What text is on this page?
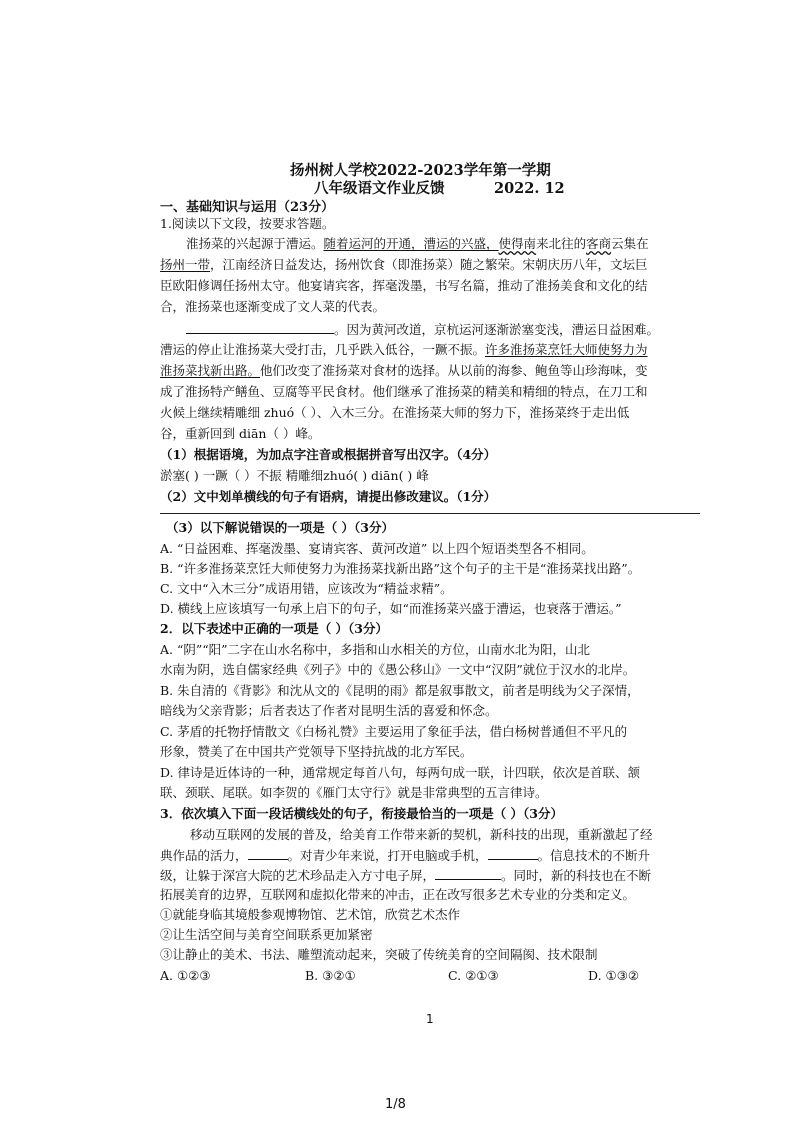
扬州树人学校2022-2023学年第一学期
八年级语文作业反馈	2022. 12
一、基础知识与运用（23分）
1.阅读以下文段，按要求答题。
淮扬菜的兴起源于漕运。随着运河的开通，漕运的兴盛，使得南来北往的客商云集在
扬州一带，江南经济日益发达，扬州饮食（即淮扬菜）随之繁荣。宋朝庆历八年，文坛巨
臣欧阳修调任扬州太守。他宴请宾客，挥毫泼墨，书写名篇，推动了淮扬美食和文化的结
合，淮扬菜也逐渐变成了文人菜的代表。
。因为黄河改道，京杭运河逐渐淤塞变浅，漕运日益困难。
漕运的停止让淮扬菜大受打击，几乎跌入低谷，一蹶不振。许多淮扬菜烹饪大师使努力为
淮扬菜找新出路。他们改变了淮扬菜对食材的选择。从以前的海参、鲍鱼等山珍海味，变
成了淮扬特产鳝鱼、豆腐等平民食材。他们继承了淮扬菜的精美和精细的特点，在刀工和
火候上继续精雕细 zhuó（ ）、入木三分。在淮扬菜大师的努力下，淮扬菜终于走出低
谷，重新回到 diān（ ）峰。
（1）根据语境，为加点字注音或根据拼音写出汉字。（4分）
淤塞( ) 一蹶（ ）不振 精雕细zhuó( ) diān( ) 峰
（2）文中划单横线的句子有语病，请提出修改建议。（1分）
（3）以下解说错误的一项是（ ）（3分）
A. “日益困难、挥毫泼墨、宴请宾客、黄河改道” 以上四个短语类型各不相同。
B. “许多淮扬菜烹饪大师使努力为淮扬菜找新出路”这个句子的主干是“淮扬菜找出路”。
C. 文中“入木三分”成语用错，应该改为“精益求精”。
D. 横线上应该填写一句承上启下的句子，如“而淮扬菜兴盛于漕运，也衰落于漕运。”
2．以下表述中正确的一项是（ ）（3分）
A. “阴”“阳”二字在山水名称中，多指和山水相关的方位，山南水北为阳，山北
水南为阴，选自儒家经典《列子》中的《愚公移山》一文中“汉阴”就位于汉水的北岸。
B. 朱自清的《背影》和沈从文的《昆明的雨》都是叙事散文，前者是明线为父子深情，
暗线为父亲背影；后者表达了作者对昆明生活的喜爱和怀念。
C. 茅盾的托物抒情散文《白杨礼赞》主要运用了象征手法，借白杨树普通但不平凡的
形象，赞美了在中国共产党领导下坚持抗战的北方军民。
D. 律诗是近体诗的一种，通常规定每首八句，每两句成一联，计四联，依次是首联、颔
联、颈联、尾联。如李贺的《雁门太守行》就是非常典型的五言律诗。
3．依次填入下面一段话横线处的句子，衔接最恰当的一项是（ ）（3分）
移动互联网的发展的普及，给美育工作带来新的契机，新科技的出现，重新激起了经
典作品的活力，	。对青少年来说，打开电脑或手机，	。信息技术的不断升
级，让躲于深宫大院的艺术珍品走入方寸电子屏，	。同时，新的科技也在不断
拓展美育的边界，互联网和虚拟化带来的冲击，正在改写很多艺术专业的分类和定义。
①就能身临其境般参观博物馆、艺术馆，欣赏艺术杰作
②让生活空间与美育空间联系更加紧密
③让静止的美术、书法、雕塑流动起来，突破了传统美育的空间隔阂、技术限制
A. ①②③	B. ③②①	C. ②①③	D. ①③②
1
1/8
